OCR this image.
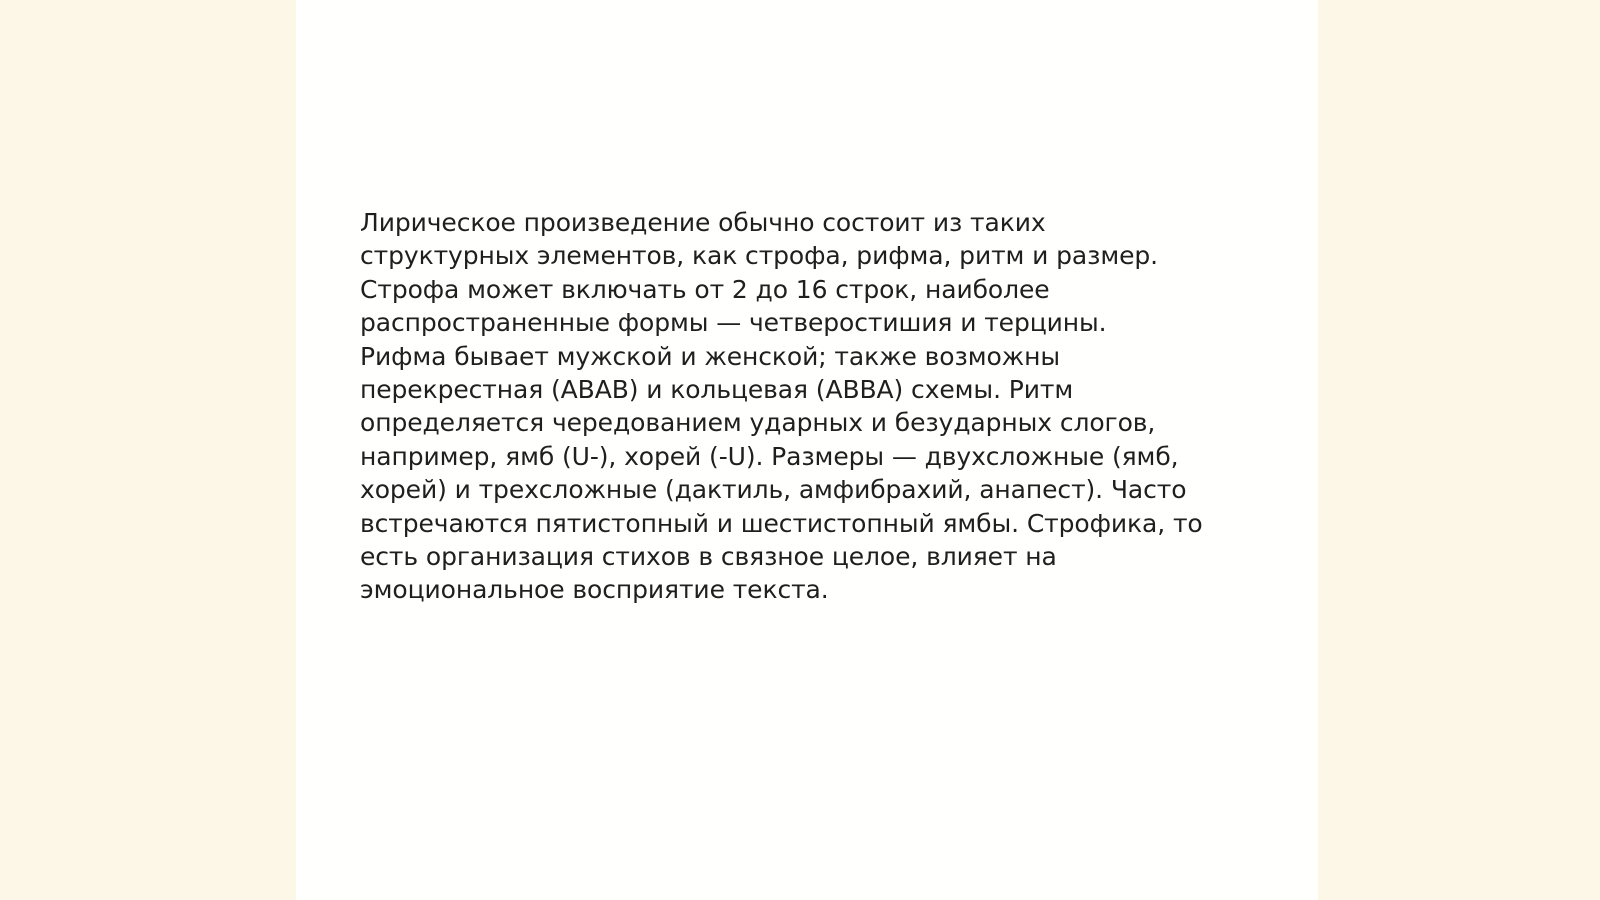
Лирическое произведение обычно состоит из таких
структурных элементов, как строфа, рифма, ритм и размер.
Строфа может включать от 2 до 16 строк, наиболее
распространенные формы — четверостишия и терцины.
Рифма бывает мужской и женской; также возможны
перекрестная (ABAB) и кольцевая (ABBA) схемы. Ритм
определяется чередованием ударных и безударных слогов,
например, ямб (U-), хорей (-U). Размеры — двухсложные (ямб,
хорей) и трехсложные (дактиль, амфибрахий, анапест). Часто
встречаются пятистопный и шестистопный ямбы. Строфика, то
есть организация стихов в связное целое, влияет на
эмоциональное восприятие текста.
